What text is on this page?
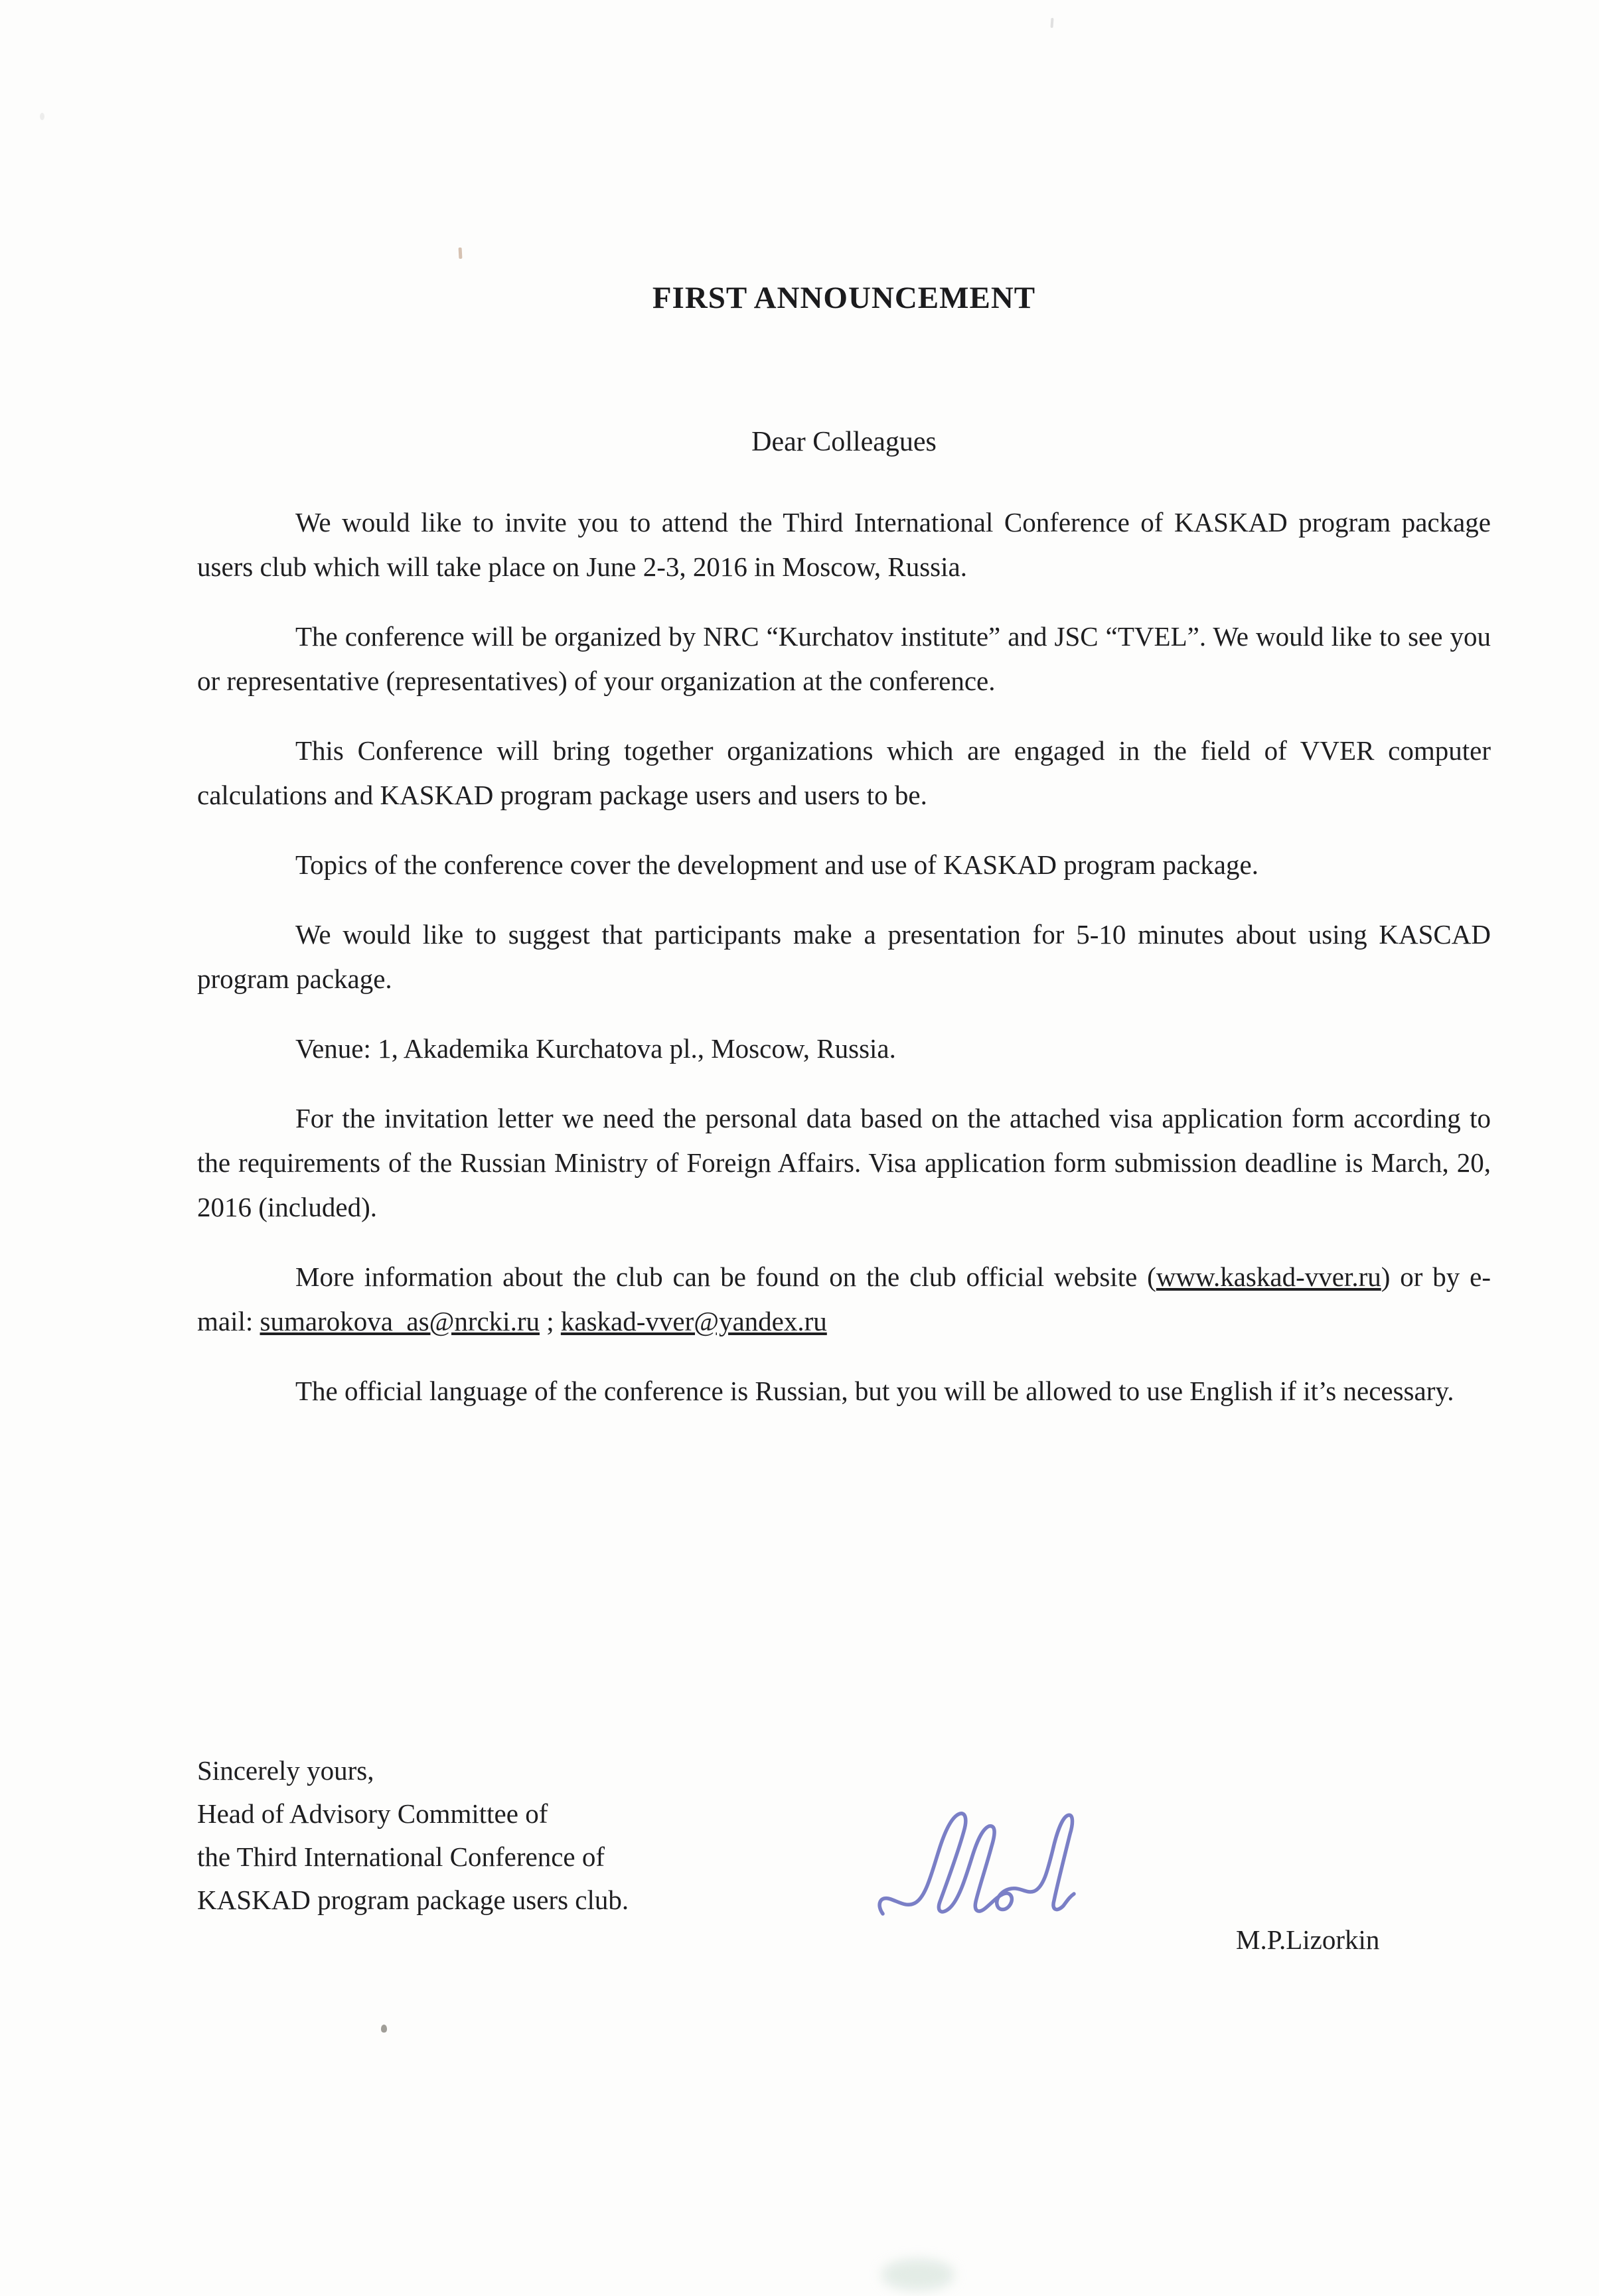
FIRST ANNOUNCEMENT
Dear Colleagues

We would like to invite you to attend the Third International Conference of KASKAD program package users club which will take place on June 2-3, 2016 in Moscow, Russia.

The conference will be organized by NRC “Kurchatov institute” and JSC “TVEL”. We would like to see you or representative (representatives) of your organization at the conference.

This Conference will bring together organizations which are engaged in the field of VVER computer calculations and KASKAD program package users and users to be.

Topics of the conference cover the development and use of KASKAD program package.

We would like to suggest that participants make a presentation for 5-10 minutes about using KASCAD program package.

Venue: 1, Akademika Kurchatova pl., Moscow, Russia.

For the invitation letter we need the personal data based on the attached visa application form according to the requirements of the Russian Ministry of Foreign Affairs. Visa application form submission deadline is March, 20, 2016 (included).

More information about the club can be found on the club official website (www.kaskad-vver.ru) or by e-mail: sumarokova_as@nrcki.ru ; kaskad-vver@yandex.ru

The official language of the conference is Russian, but you will be allowed to use English if it’s necessary.

Sincerely yours,
Head of Advisory Committee of
the Third International Conference of
KASKAD program package users club.
M.P.Lizorkin
